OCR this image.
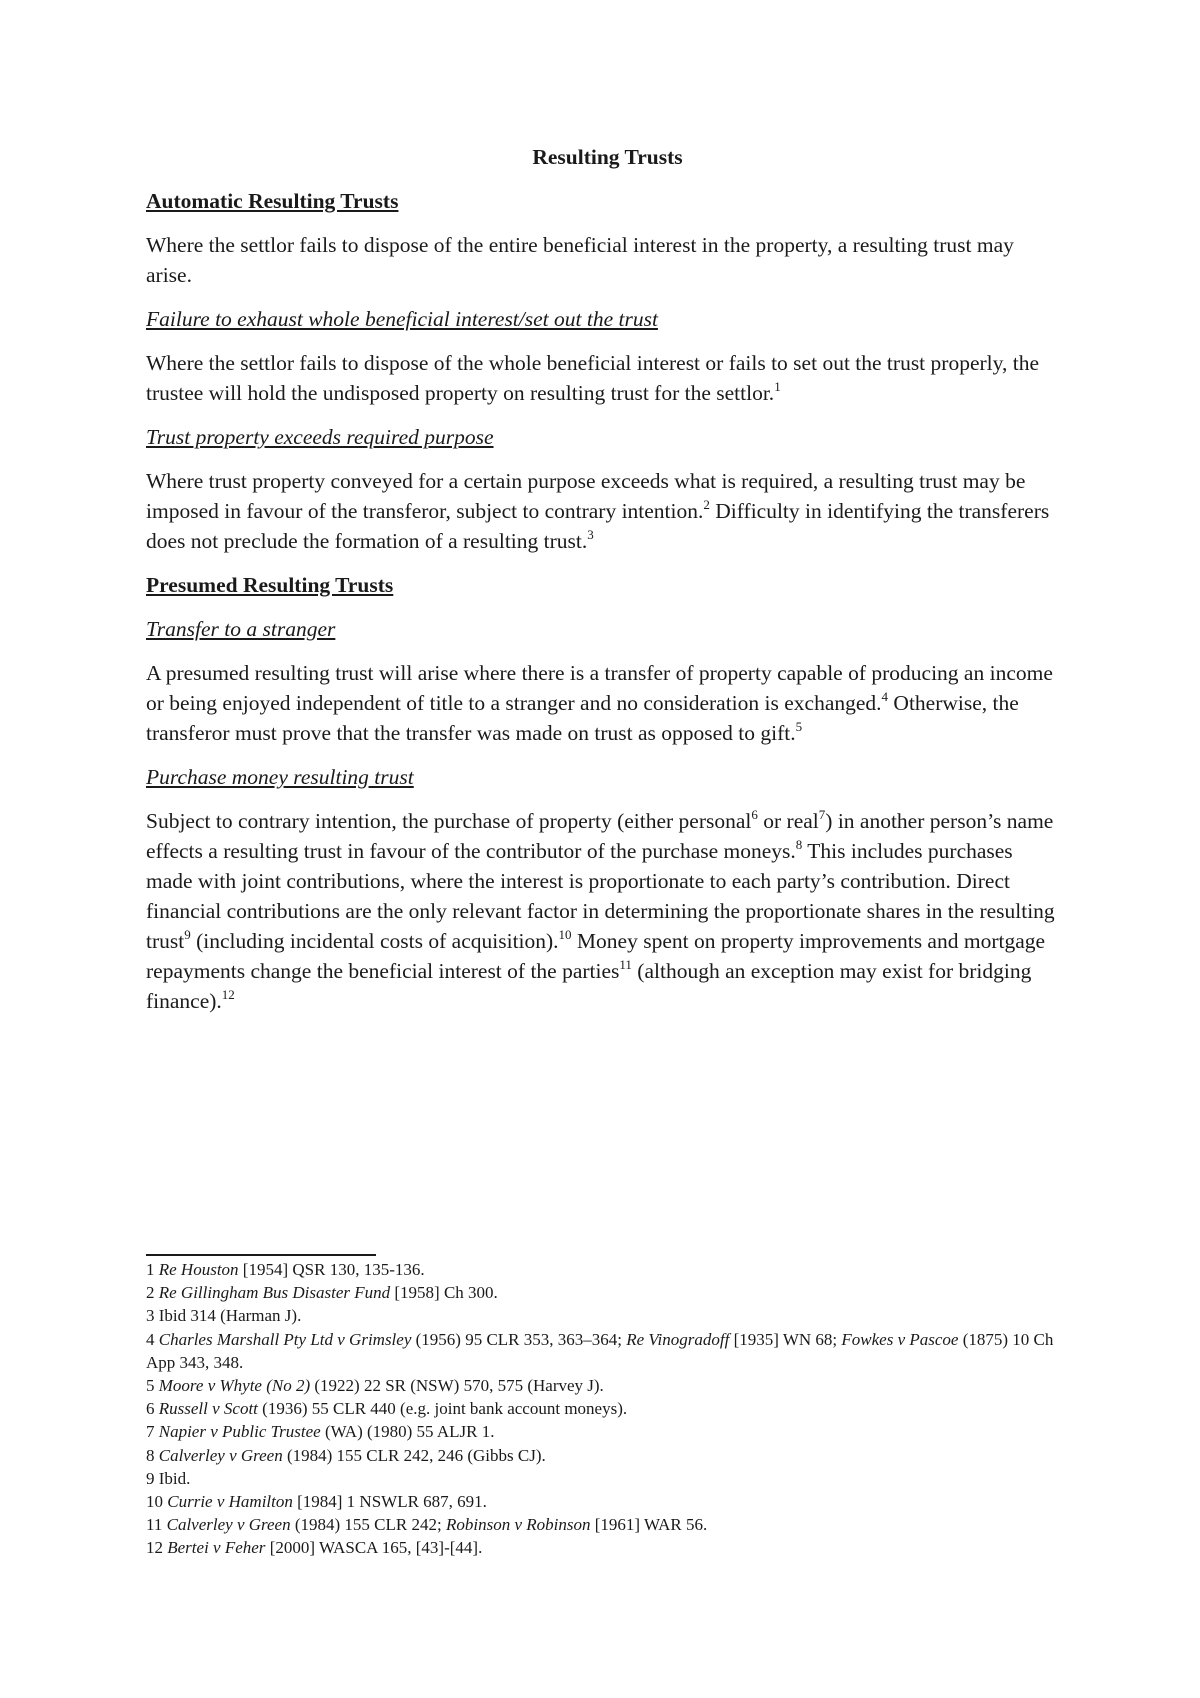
Resulting Trusts

Automatic Resulting Trusts

Where the settlor fails to dispose of the entire beneficial interest in the property, a resulting trust may arise.

Failure to exhaust whole beneficial interest/set out the trust

Where the settlor fails to dispose of the whole beneficial interest or fails to set out the trust properly, the trustee will hold the undisposed property on resulting trust for the settlor.$^1$

Trust property exceeds required purpose

Where trust property conveyed for a certain purpose exceeds what is required, a resulting trust may be imposed in favour of the transferor, subject to contrary intention.$^2$ Difficulty in identifying the transferers does not preclude the formation of a resulting trust.$^3$

Presumed Resulting Trusts

Transfer to a stranger

A presumed resulting trust will arise where there is a transfer of property capable of producing an income or being enjoyed independent of title to a stranger and no consideration is exchanged.$^4$ Otherwise, the transferor must prove that the transfer was made on trust as opposed to gift.$^5$

Purchase money resulting trust

Subject to contrary intention, the purchase of property (either personal$^6$ or real$^7$) in another person’s name effects a resulting trust in favour of the contributor of the purchase moneys.$^8$ This includes purchases made with joint contributions, where the interest is proportionate to each party’s contribution. Direct financial contributions are the only relevant factor in determining the proportionate shares in the resulting trust$^9$ (including incidental costs of acquisition).$^{10}$ Money spent on property improvements and mortgage repayments change the beneficial interest of the parties$^{11}$ (although an exception may exist for bridging finance).$^{12}$

1 Re Houston [1954] QSR 130, 135-136.

2 Re Gillingham Bus Disaster Fund [1958] Ch 300.

3 Ibid 314 (Harman J).

4 Charles Marshall Pty Ltd v Grimsley (1956) 95 CLR 353, 363–364; Re Vinogradoff [1935] WN 68; Fowkes v Pascoe (1875) 10 Ch App 343, 348.

5 Moore v Whyte (No 2) (1922) 22 SR (NSW) 570, 575 (Harvey J).

6 Russell v Scott (1936) 55 CLR 440 (e.g. joint bank account moneys).

7 Napier v Public Trustee (WA) (1980) 55 ALJR 1.

8 Calverley v Green (1984) 155 CLR 242, 246 (Gibbs CJ).

9 Ibid.

10 Currie v Hamilton [1984] 1 NSWLR 687, 691.

11 Calverley v Green (1984) 155 CLR 242; Robinson v Robinson [1961] WAR 56.

12 Bertei v Feher [2000] WASCA 165, [43]-[44].
